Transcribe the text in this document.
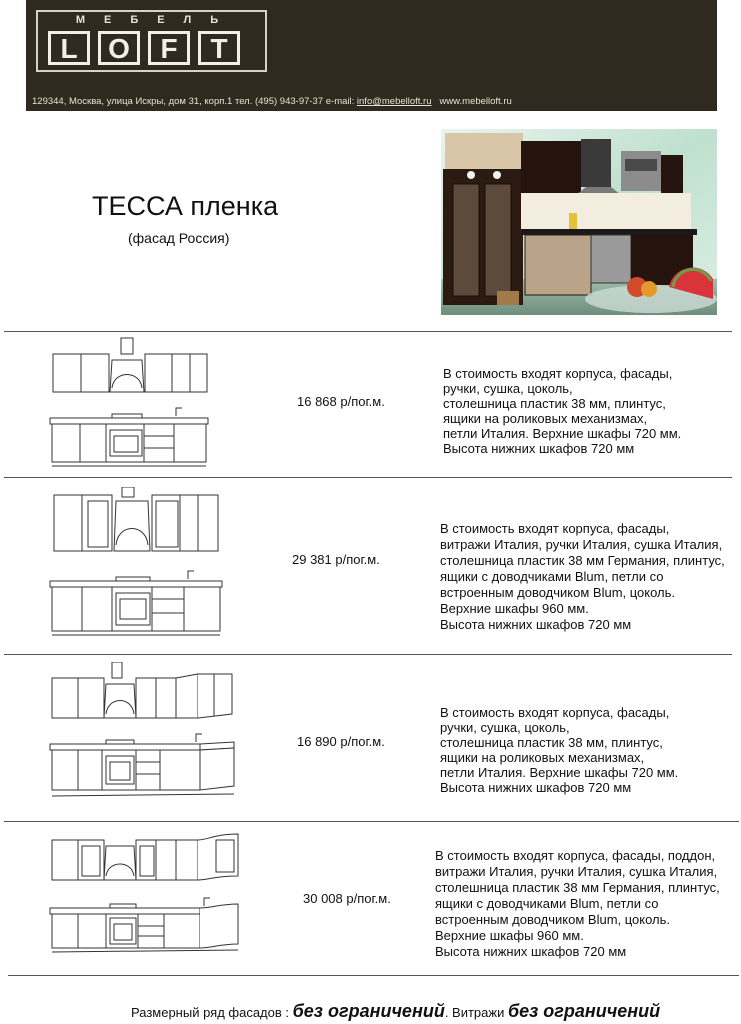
МЕБЕЛЬ
L	O	F	T
129344, Москва, улица Искры, дом 31, корп.1 тел. (495) 943-97-37 e-mail: info@mebelloft.ru www.mebelloft.ru
ТЕССА пленка
(фасад Россия)
16 868 р/пог.м.
В стоимость входят корпуса, фасады,
ручки, сушка, цоколь,
столешница пластик 38 мм, плинтус,
ящики на роликовых механизмах,
петли Италия. Верхние шкафы 720 мм.
Высота нижних шкафов 720 мм
29 381 р/пог.м.
В стоимость входят корпуса, фасады,
витражи Италия, ручки Италия, сушка Италия,
столешница пластик 38 мм Германия, плинтус,
ящики с доводчиками Blum, петли со
встроенным доводчиком Blum, цоколь.
Верхние шкафы 960 мм.
Высота нижних шкафов 720 мм
16 890 р/пог.м.
В стоимость входят корпуса, фасады,
ручки, сушка, цоколь,
столешница пластик 38 мм, плинтус,
ящики на роликовых механизмах,
петли Италия. Верхние шкафы 720 мм.
Высота нижних шкафов 720 мм
30 008 р/пог.м.
В стоимость входят корпуса, фасады, поддон,
витражи Италия, ручки Италия, сушка Италия,
столешница пластик 38 мм Германия, плинтус,
ящики с доводчиками Blum, петли со
встроенным доводчиком Blum, цоколь.
Верхние шкафы 960 мм.
Высота нижних шкафов 720 мм
Размерный ряд фасадов : без ограничений. Витражи без ограничений
